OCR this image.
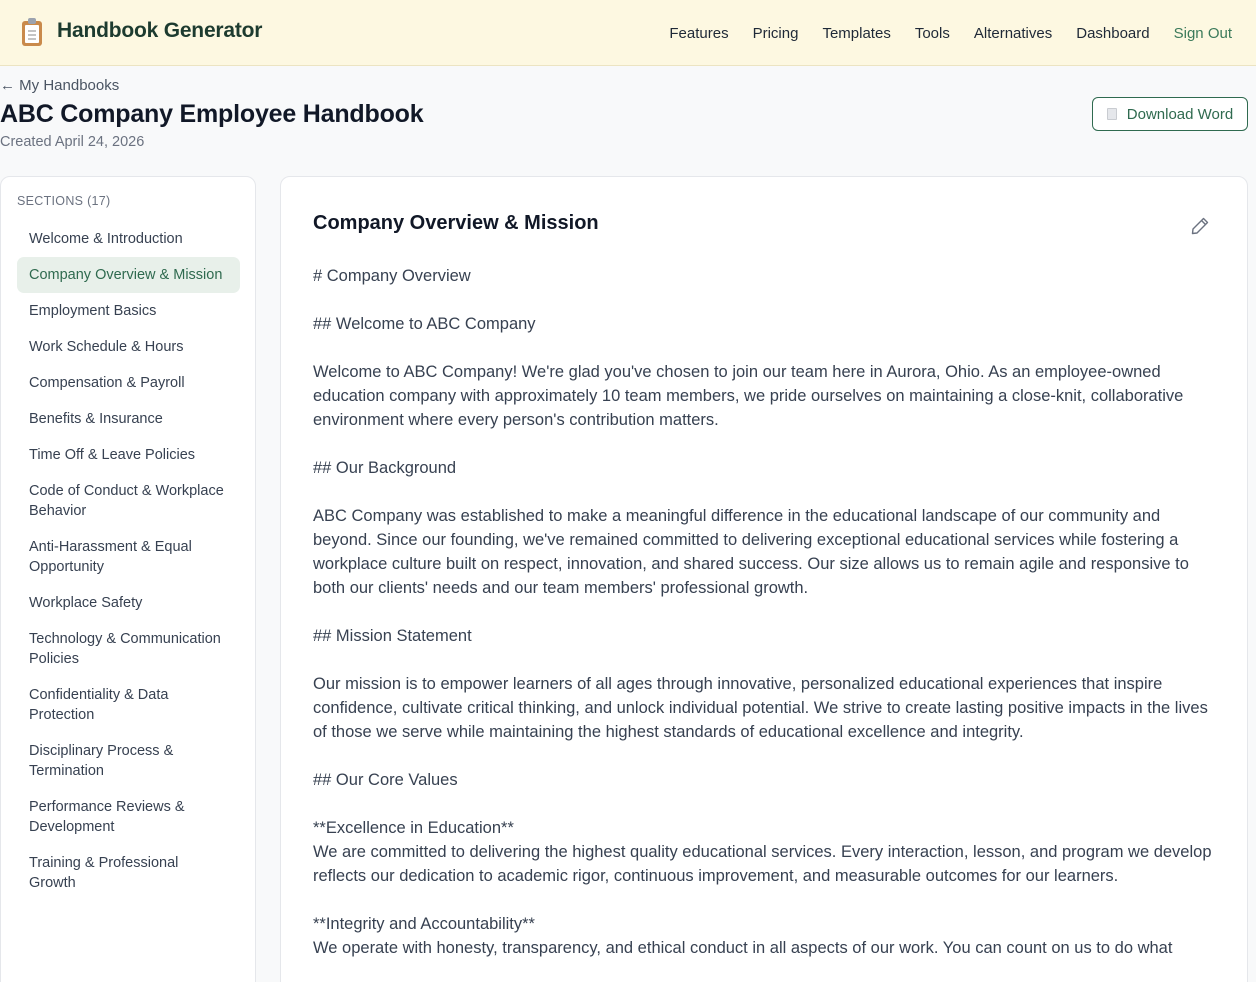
Handbook Generator	Features Pricing Templates Tools Alternatives Dashboard Sign Out
← My Handbooks
ABC Company Employee Handbook
Created April 24, 2026
Download Word
SECTIONS (17)
Welcome & Introduction
Company Overview & Mission
Employment Basics
Work Schedule & Hours
Compensation & Payroll
Benefits & Insurance
Time Off & Leave Policies
Code of Conduct & Workplace Behavior
Anti-Harassment & Equal Opportunity
Workplace Safety
Technology & Communication Policies
Confidentiality & Data Protection
Disciplinary Process & Termination
Performance Reviews & Development
Training & Professional Growth
Company Overview & Mission
# Company Overview

## Welcome to ABC Company

Welcome to ABC Company! We're glad you've chosen to join our team here in Aurora, Ohio. As an employee-owned education company with approximately 10 team members, we pride ourselves on maintaining a close-knit, collaborative environment where every person's contribution matters.

## Our Background

ABC Company was established to make a meaningful difference in the educational landscape of our community and beyond. Since our founding, we've remained committed to delivering exceptional educational services while fostering a workplace culture built on respect, innovation, and shared success. Our size allows us to remain agile and responsive to both our clients' needs and our team members' professional growth.

## Mission Statement

Our mission is to empower learners of all ages through innovative, personalized educational experiences that inspire confidence, cultivate critical thinking, and unlock individual potential. We strive to create lasting positive impacts in the lives of those we serve while maintaining the highest standards of educational excellence and integrity.

## Our Core Values

**Excellence in Education**
We are committed to delivering the highest quality educational services. Every interaction, lesson, and program we develop reflects our dedication to academic rigor, continuous improvement, and measurable outcomes for our learners.

**Integrity and Accountability**
We operate with honesty, transparency, and ethical conduct in all aspects of our work. You can count on us to do what
